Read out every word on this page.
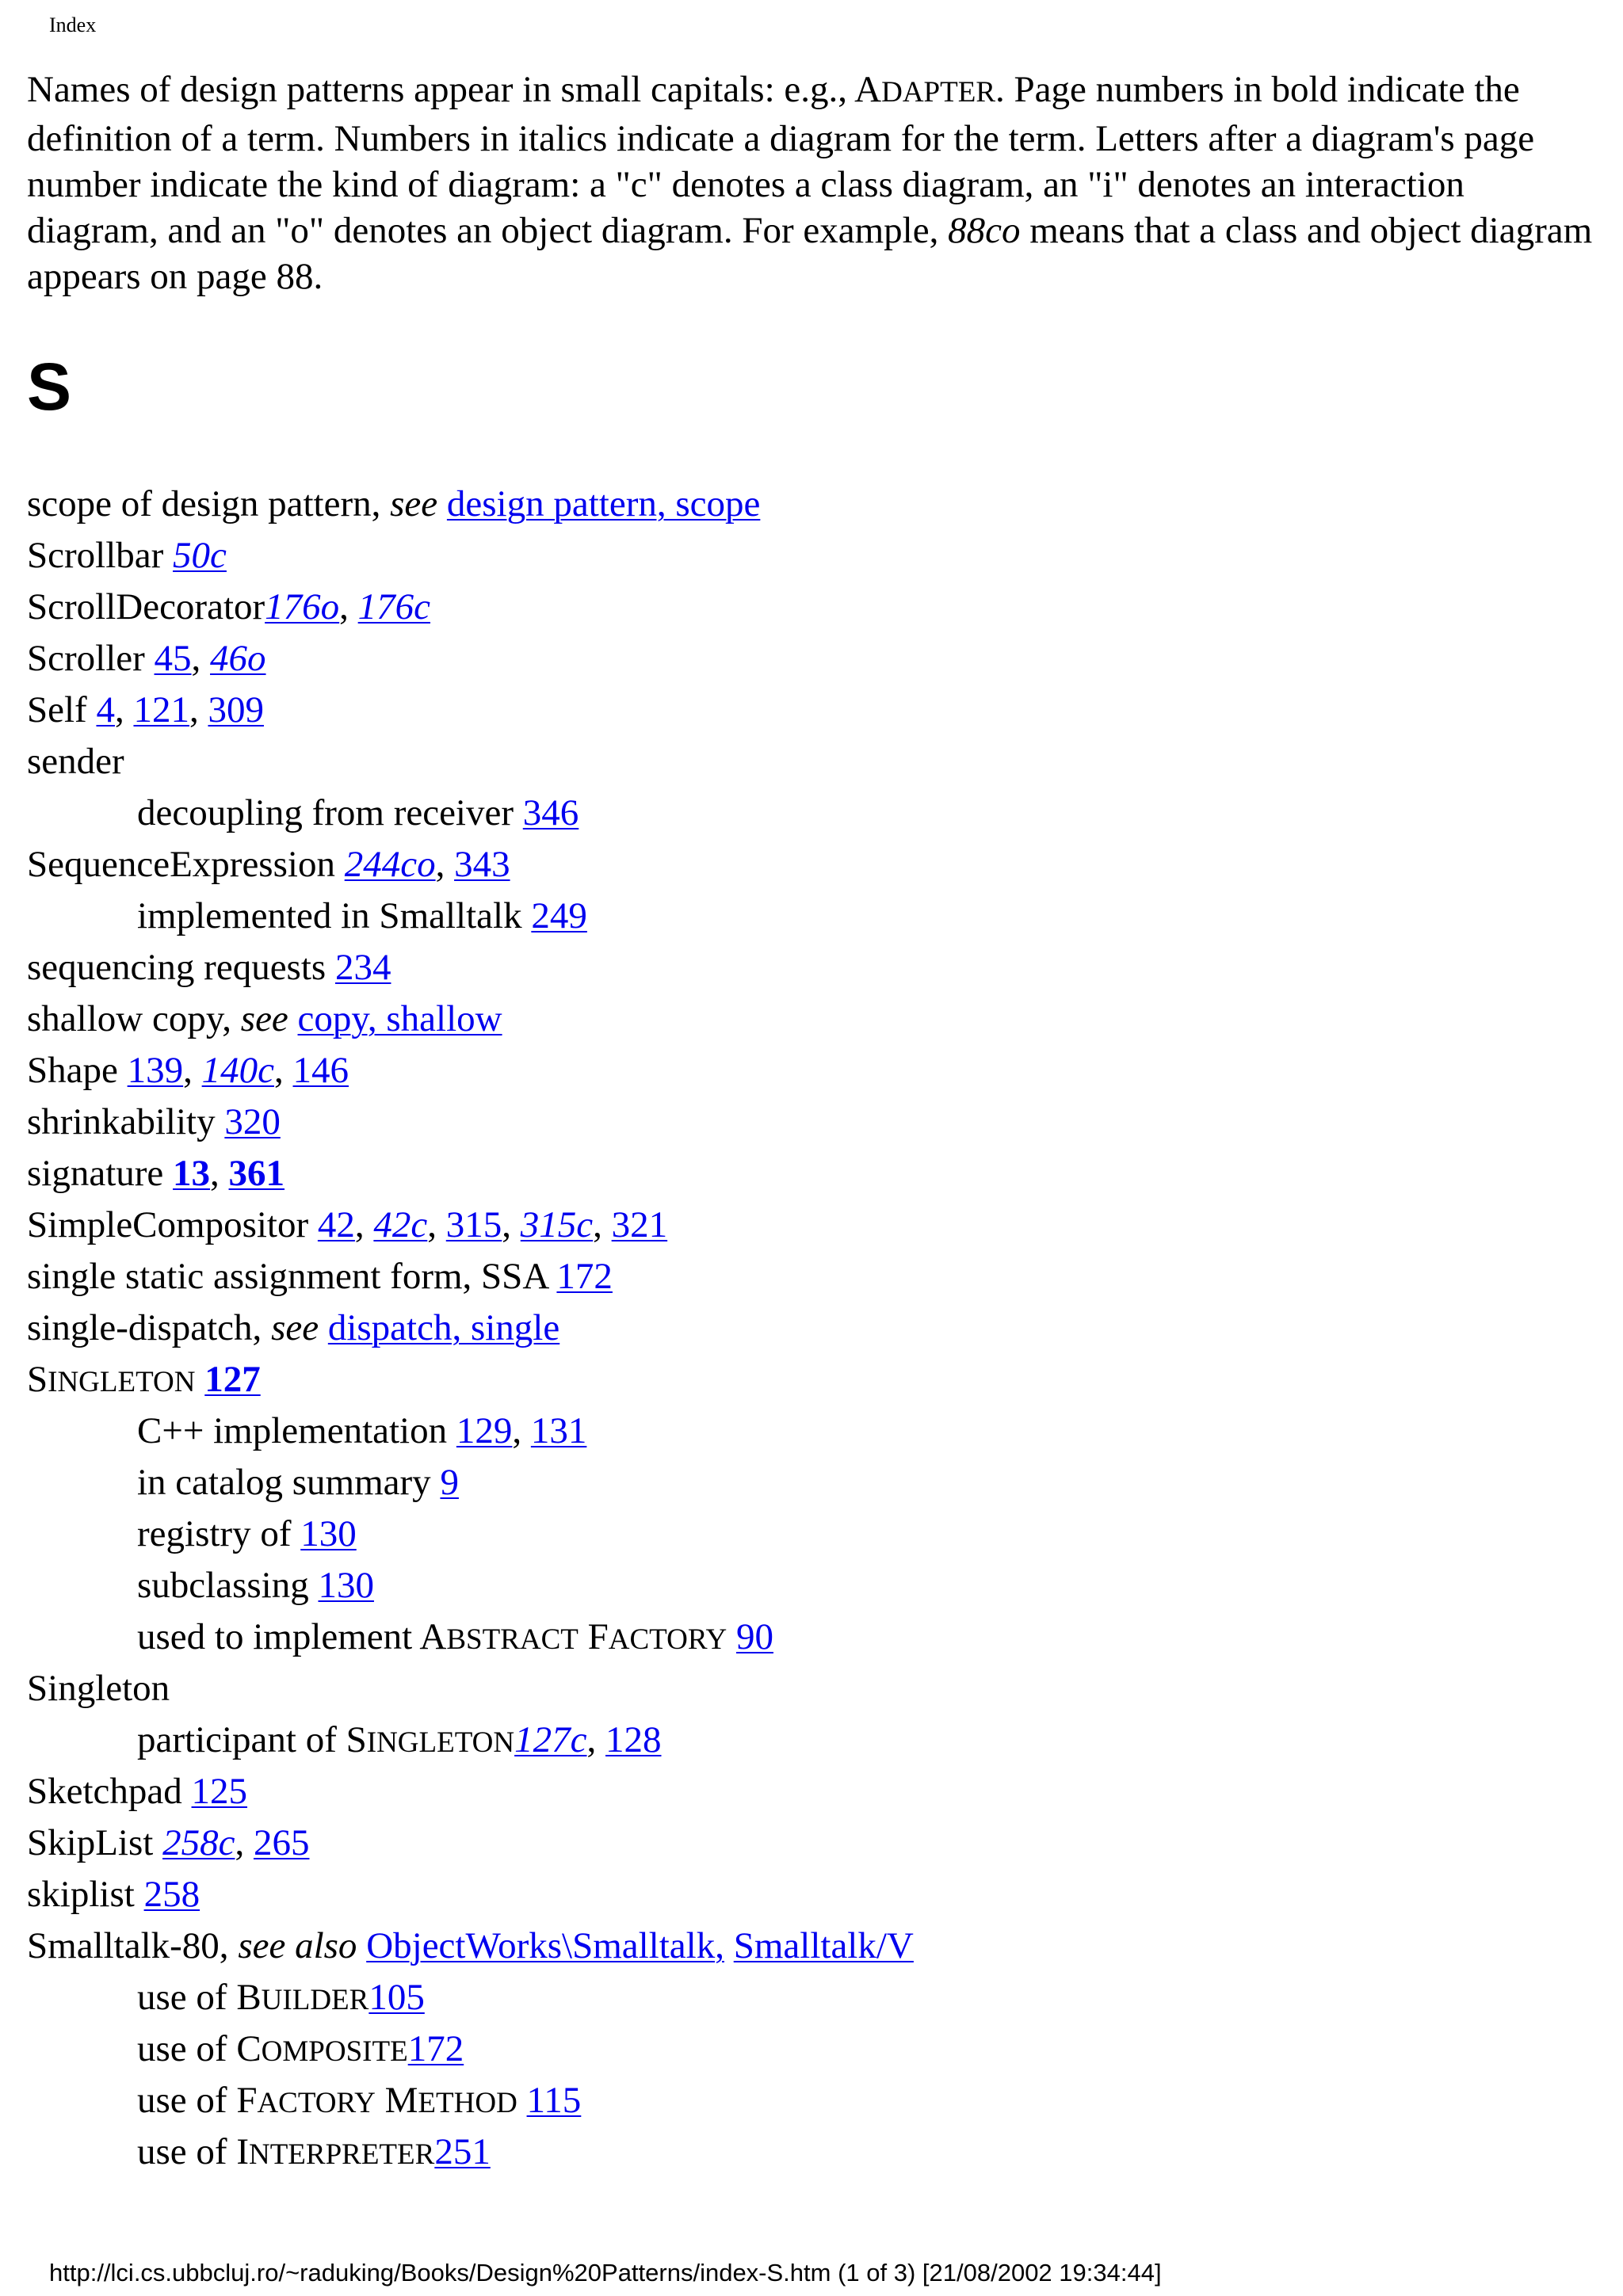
Index
Names of design patterns appear in small capitals: e.g., ADAPTER. Page numbers in bold indicate the definition of a term. Numbers in italics indicate a diagram for the term. Letters after a diagram's page number indicate the kind of diagram: a "c" denotes a class diagram, an "i" denotes an interaction diagram, and an "o" denotes an object diagram. For example, 88co means that a class and object diagram appears on page 88.
S
scope of design pattern, see design pattern, scope
Scrollbar 50c
ScrollDecorator176o, 176c
Scroller 45, 46o
Self 4, 121, 309
sender
decoupling from receiver 346
SequenceExpression 244co, 343
implemented in Smalltalk 249
sequencing requests 234
shallow copy, see copy, shallow
Shape 139, 140c, 146
shrinkability 320
signature 13, 361
SimpleCompositor 42, 42c, 315, 315c, 321
single static assignment form, SSA 172
single-dispatch, see dispatch, single
SINGLETON 127
C++ implementation 129, 131
in catalog summary 9
registry of 130
subclassing 130
used to implement ABSTRACT FACTORY 90
Singleton
participant of SINGLETON127c, 128
Sketchpad 125
SkipList 258c, 265
skiplist 258
Smalltalk-80, see also ObjectWorks\Smalltalk, Smalltalk/V
use of BUILDER105
use of COMPOSITE172
use of FACTORY METHOD 115
use of INTERPRETER251
http://lci.cs.ubbcluj.ro/~raduking/Books/Design%20Patterns/index-S.htm (1 of 3) [21/08/2002 19:34:44]
